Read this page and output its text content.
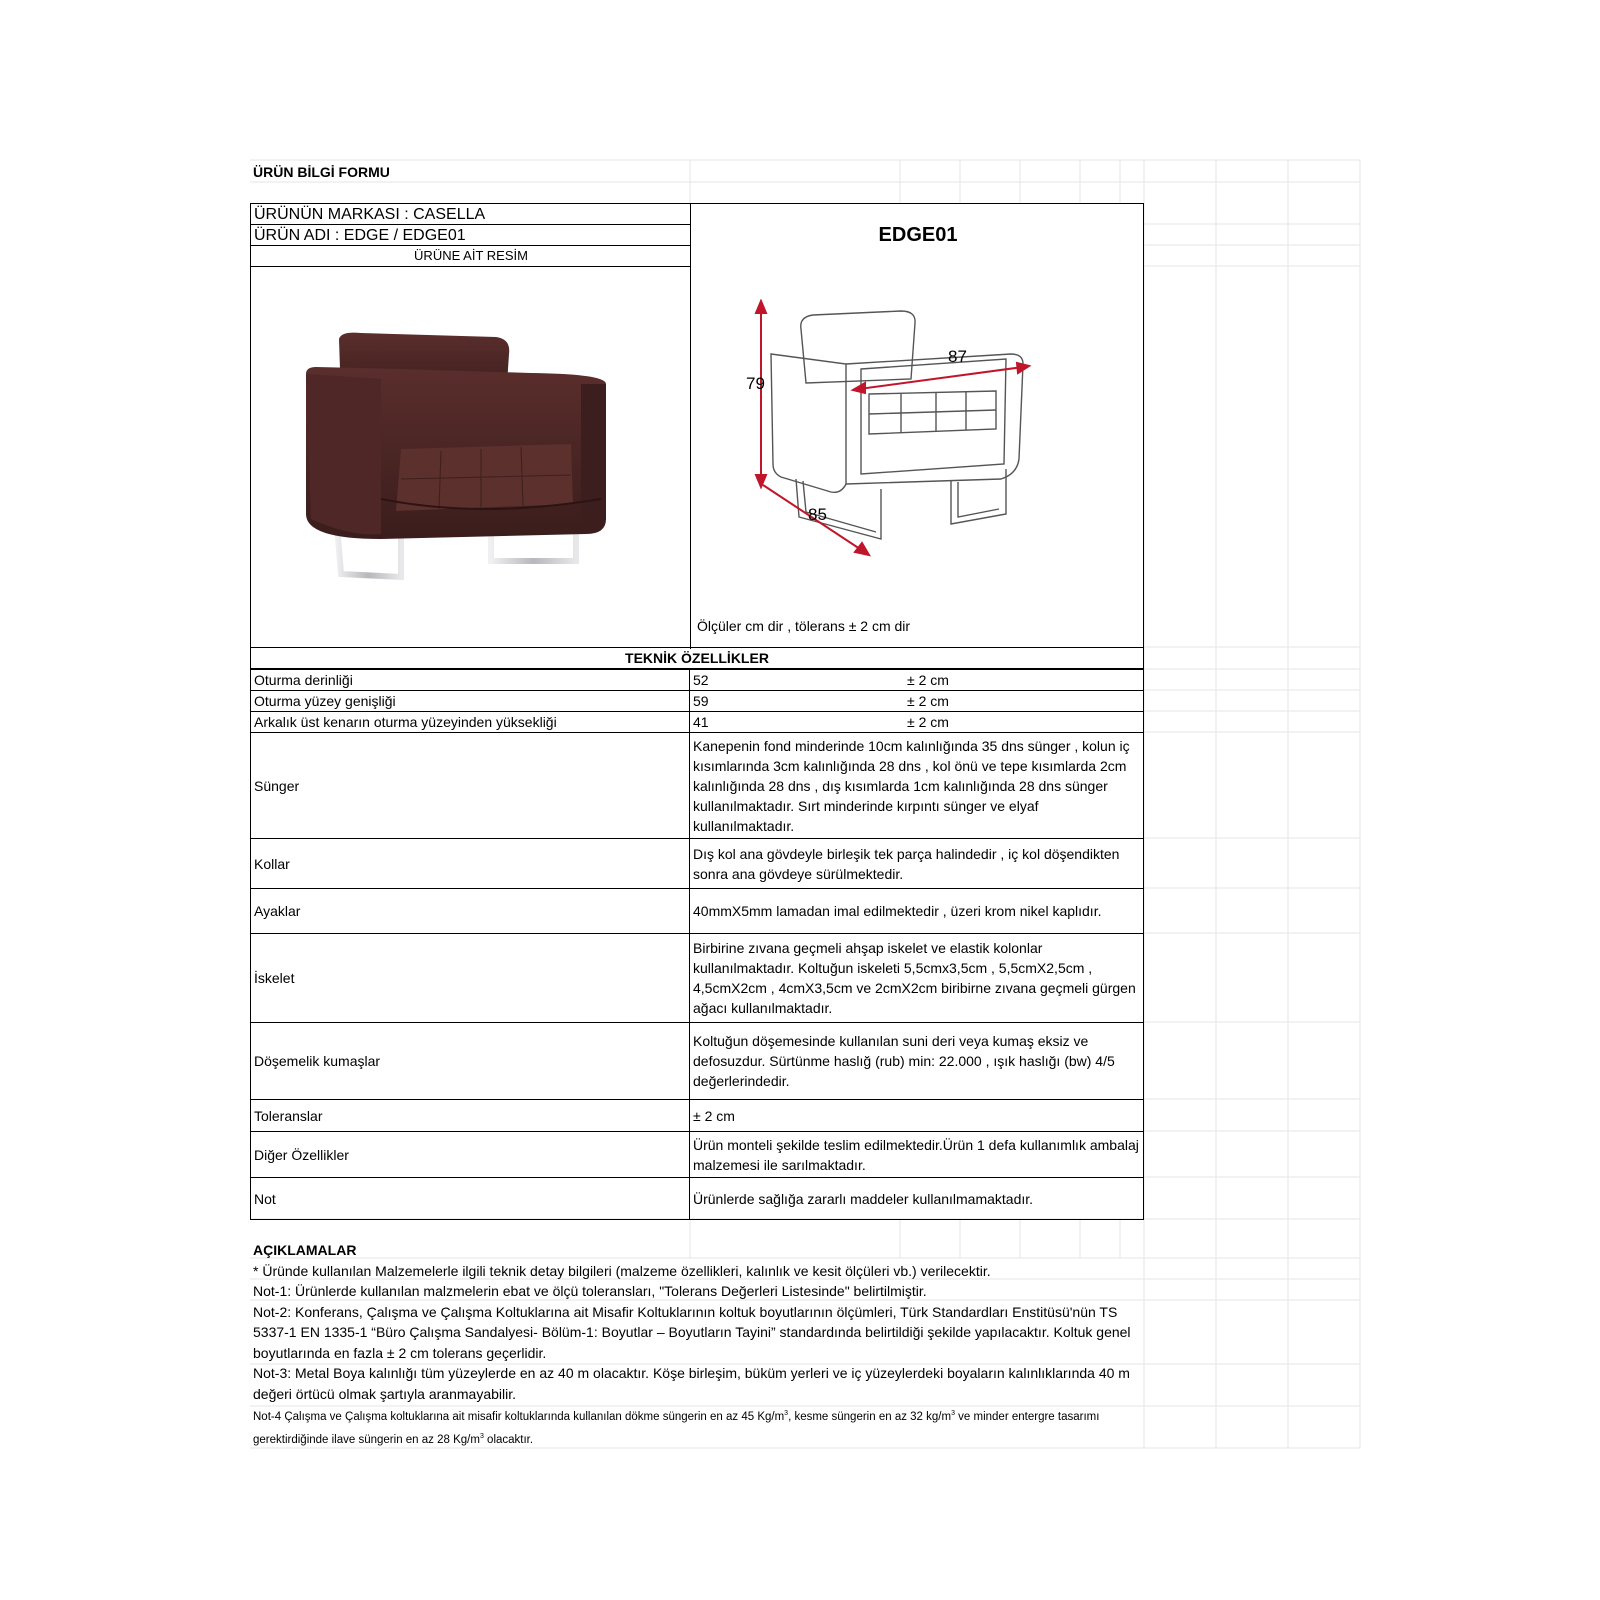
ÜRÜN BİLGİ FORMU
ÜRÜNÜN MARKASI : CASELLA
ÜRÜN ADI : EDGE / EDGE01
ÜRÜNE AİT RESİM
EDGE01
79
87
85
Ölçüler cm dir , tölerans ± 2 cm dir
TEKNİK ÖZELLİKLER
Oturma derinliği	52	± 2 cm
Oturma yüzey genişliği	59	± 2 cm
Arkalık üst kenarın oturma yüzeyinden yüksekliği	41	± 2 cm
Sünger	Kanepenin fond minderinde 10cm kalınlığında 35 dns sünger , kolun iç kısımlarında 3cm kalınlığında 28 dns , kol önü ve tepe kısımlarda 2cm kalınlığında 28 dns , dış kısımlarda 1cm kalınlığında 28 dns sünger kullanılmaktadır. Sırt minderinde kırpıntı sünger ve elyaf kullanılmaktadır.
Kollar	Dış kol ana gövdeyle birleşik tek parça halindedir , iç kol döşendikten sonra ana gövdeye sürülmektedir.
Ayaklar	40mmX5mm lamadan imal edilmektedir , üzeri krom nikel kaplıdır.
İskelet	Birbirine zıvana geçmeli ahşap iskelet ve elastik kolonlar kullanılmaktadır. Koltuğun iskeleti 5,5cmx3,5cm , 5,5cmX2,5cm , 4,5cmX2cm , 4cmX3,5cm ve 2cmX2cm biribirne zıvana geçmeli gürgen ağacı kullanılmaktadır.
Döşemelik kumaşlar	Koltuğun döşemesinde kullanılan suni deri veya kumaş eksiz ve defosuzdur. Sürtünme haslığ (rub) min: 22.000 , ışık haslığı (bw) 4/5 değerlerindedir.
Toleranslar	± 2 cm
Diğer Özellikler	Ürün monteli şekilde teslim edilmektedir.Ürün 1 defa kullanımlık ambalaj malzemesi ile sarılmaktadır.
Not	Ürünlerde sağlığa zararlı maddeler kullanılmamaktadır.
AÇIKLAMALAR
* Üründe kullanılan Malzemelerle ilgili teknik detay bilgileri (malzeme özellikleri, kalınlık ve kesit ölçüleri vb.) verilecektir.
Not-1: Ürünlerde kullanılan malzmelerin ebat ve ölçü toleransları, "Tolerans Değerleri Listesinde" belirtilmiştir.
Not-2: Konferans, Çalışma ve Çalışma Koltuklarına ait Misafir Koltuklarının koltuk boyutlarının ölçümleri, Türk Standardları Enstitüsü'nün TS 5337-1 EN 1335-1 “Büro Çalışma Sandalyesi- Bölüm-1: Boyutlar – Boyutların Tayini” standardında belirtildiği şekilde yapılacaktır. Koltuk genel boyutlarında en fazla ± 2 cm tolerans geçerlidir.
Not-3: Metal Boya kalınlığı tüm yüzeylerde en az 40 m olacaktır. Köşe birleşim, büküm yerleri ve iç yüzeylerdeki boyaların kalınlıklarında 40 m değeri örtücü olmak şartıyla aranmayabilir.
Not-4 Çalışma ve Çalışma koltuklarına ait misafir koltuklarında kullanılan dökme süngerin en az 45 $Kg/m^3$, kesme süngerin en az 32 $kg/m^3$ ve minder entergre tasarımı gerektirdiğinde ilave süngerin en az 28 $Kg/m^3$ olacaktır.
